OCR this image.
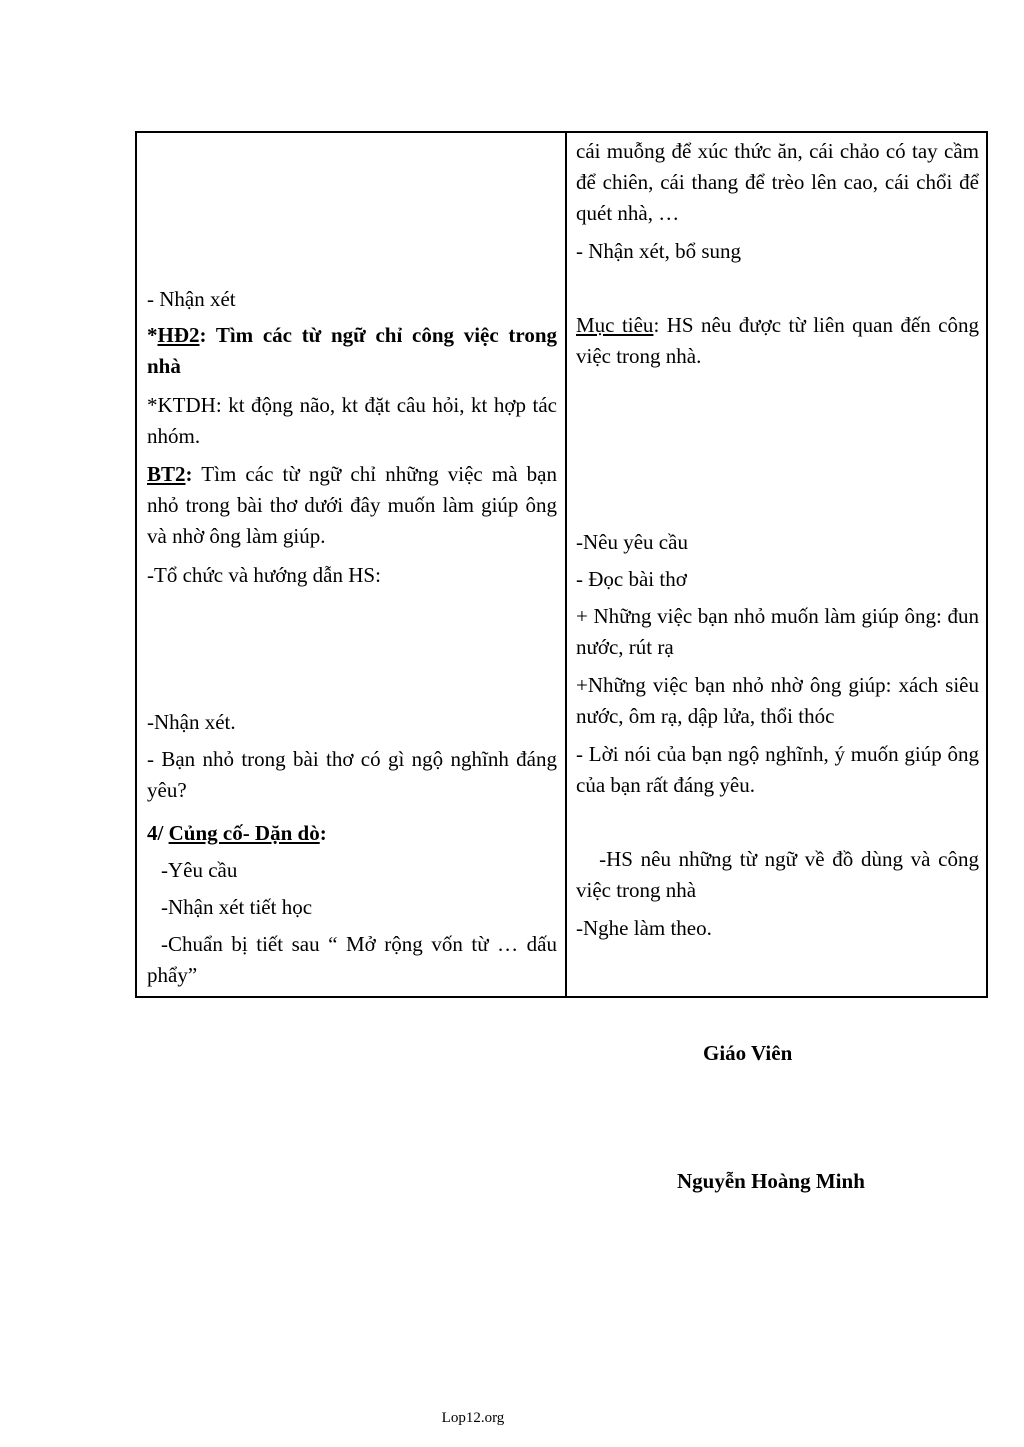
- Nhận xét
*HĐ2: Tìm các từ ngữ chỉ công việc trong nhà
*KTDH: kt động não, kt đặt câu hỏi, kt hợp tác nhóm.
BT2: Tìm các từ ngữ chỉ những việc mà bạn nhỏ trong bài thơ dưới đây muốn làm giúp ông và nhờ ông làm giúp.
-Tổ chức và hướng dẫn HS:
-Nhận xét.
- Bạn nhỏ trong bài thơ có gì ngộ nghĩnh đáng yêu?
4/ Củng cố- Dặn dò:
-Yêu cầu
-Nhận xét tiết học
-Chuẩn bị tiết sau “ Mở rộng vốn từ … dấu phẩy”
cái muỗng để xúc thức ăn, cái chảo có tay cầm để chiên, cái thang để trèo lên cao, cái chổi để quét nhà, …
- Nhận xét, bổ sung
Mục tiêu: HS nêu được từ liên quan đến công việc trong nhà.
-Nêu yêu cầu
- Đọc bài thơ
+ Những việc bạn nhỏ muốn làm giúp ông: đun nước, rút rạ
+Những việc bạn nhỏ nhờ ông giúp: xách siêu nước, ôm rạ, dập lửa, thổi thóc
- Lời nói của bạn ngộ nghĩnh, ý muốn giúp ông của bạn rất đáng yêu.
-HS nêu những từ ngữ về đồ dùng và công việc trong nhà
-Nghe làm theo.
Giáo Viên
Nguyễn Hoàng Minh
Lop12.org
